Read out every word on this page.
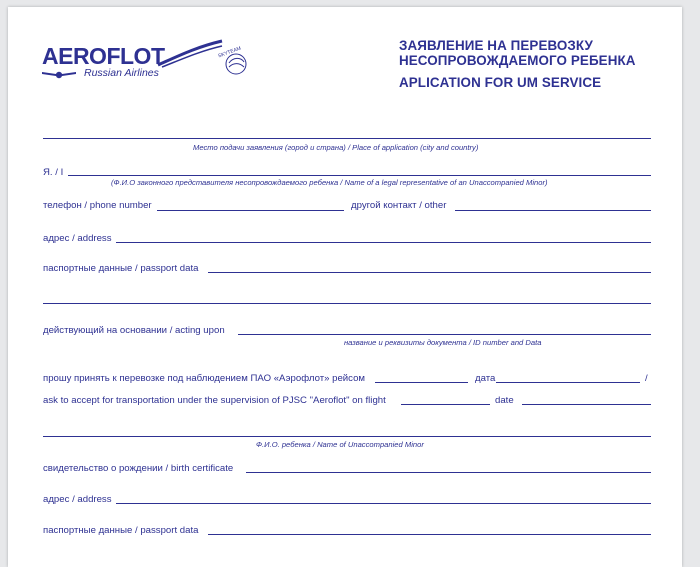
AEROFLOT
Russian Airlines
SKYTEAM	ЗАЯВЛЕНИЕ НА ПЕРЕВОЗКУ
НЕСОПРОВОЖДАЕМОГО РЕБЕНКА
APLICATION FOR UM SERVICE
Место подачи заявления (город и страна) / Place of application (city and country)
Я. / I
(Ф.И.О законного представителя несопровождаемого ребенка / Name of a legal representative of an Unaccompanied Minor)
телефон / phone number	другой контакт / other
адрес / address
паспортные данные / passport data
действующий на основании / acting upon
название и реквизиты документа / ID number and Data
прошу принять к перевозке под наблюдением ПАО «Аэрофлот» рейсом	дата	/
ask to accept for transportation under the supervision of PJSC "Aeroflot" on flight	date
Ф.И.О. ребенка / Name of Unaccompanied Minor
свидетельство о рождении / birth certificate
адрес / address
паспортные данные / passport data
